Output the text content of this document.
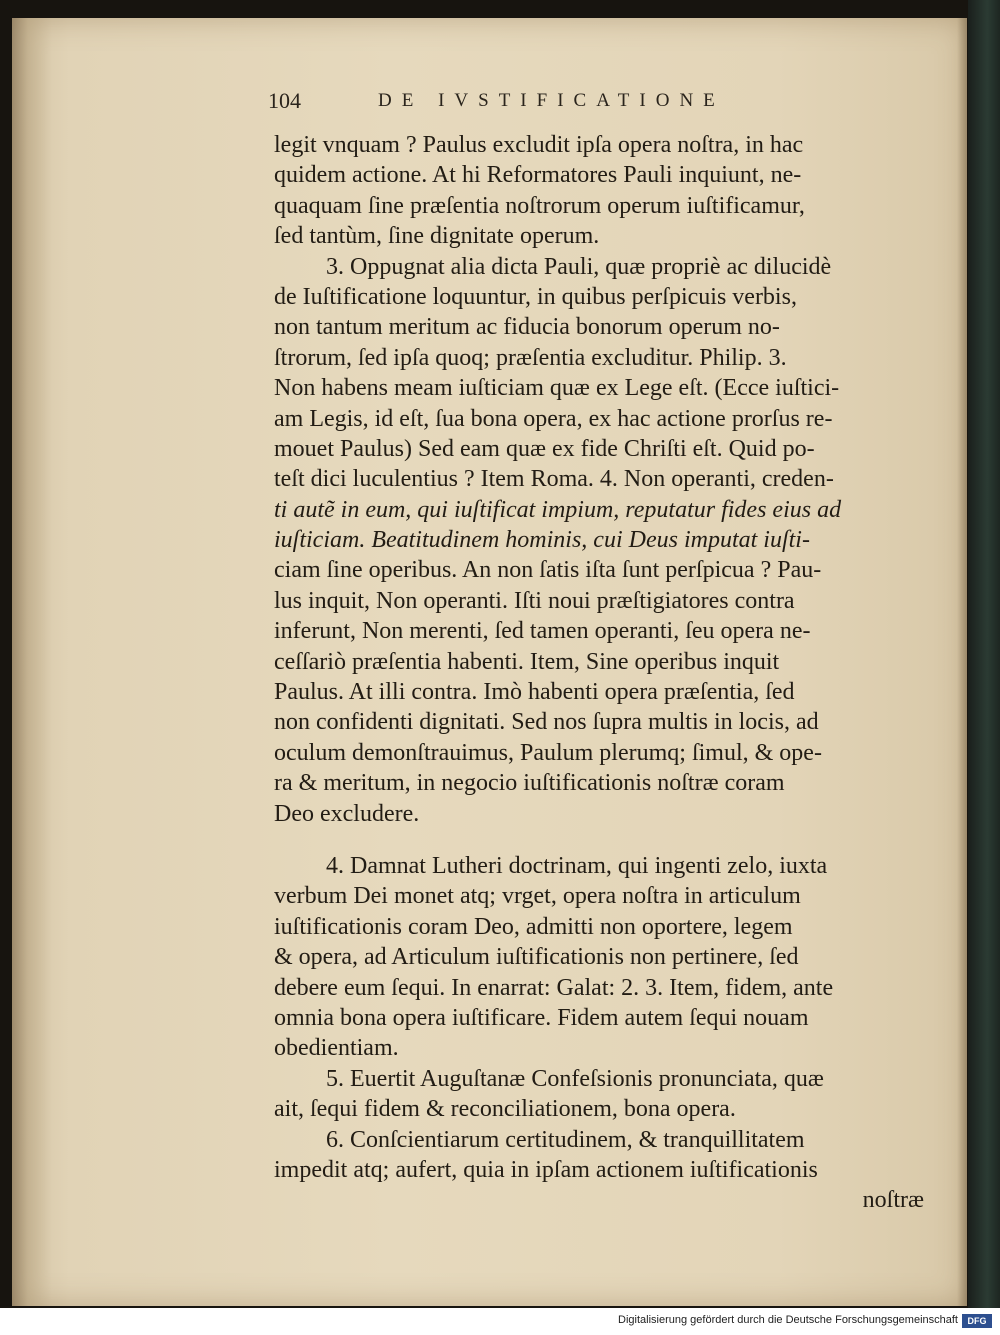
104	DE IVSTIFICATIONE
legit vnquam ? Paulus excludit ipſa opera noſtra, in hac
quidem actione. At hi Reformatores Pauli inquiunt, ne-
quaquam ſine præſentia noſtrorum operum iuſtificamur,
ſed tantùm, ſine dignitate operum.
3. Oppugnat alia dicta Pauli, quæ propriè ac dilucidè
de Iuſtificatione loquuntur, in quibus perſpicuis verbis,
non tantum meritum ac fiducia bonorum operum no-
ſtrorum, ſed ipſa quoq; præſentia excluditur. Philip. 3.
Non habens meam iuſticiam quæ ex Lege eſt. (Ecce iuſtici-
am Legis, id eſt, ſua bona opera, ex hac actione prorſus re-
mouet Paulus) Sed eam quæ ex fide Chriſti eſt. Quid po-
teſt dici luculentius ? Item Roma. 4. Non operanti, creden-
ti autẽ in eum, qui iuſtificat impium, reputatur fides eius ad
iuſticiam. Beatitudinem hominis, cui Deus imputat iuſti-
ciam ſine operibus. An non ſatis iſta ſunt perſpicua ? Pau-
lus inquit, Non operanti. Iſti noui præſtigiatores contra
inferunt, Non merenti, ſed tamen operanti, ſeu opera ne-
ceſſariò præſentia habenti. Item, Sine operibus inquit
Paulus. At illi contra. Imò habenti opera præſentia, ſed
non confidenti dignitati. Sed nos ſupra multis in locis, ad
oculum demonſtrauimus, Paulum plerumq; ſimul, & ope-
ra & meritum, in negocio iuſtificationis noſtræ coram
Deo excludere.
4. Damnat Lutheri doctrinam, qui ingenti zelo, iuxta
verbum Dei monet atq; vrget, opera noſtra in articulum
iuſtificationis coram Deo, admitti non oportere, legem
& opera, ad Articulum iuſtificationis non pertinere, ſed
debere eum ſequi. In enarrat: Galat: 2. 3. Item, fidem, ante
omnia bona opera iuſtificare. Fidem autem ſequi nouam
obedientiam.
5. Euertit Auguſtanæ Confeſsionis pronunciata, quæ
ait, ſequi fidem & reconciliationem, bona opera.
6. Conſcientiarum certitudinem, & tranquillitatem
impedit atq; aufert, quia in ipſam actionem iuſtificationis
noſtræ
Digitalisierung gefördert durch die Deutsche Forschungsgemeinschaft	DFG
